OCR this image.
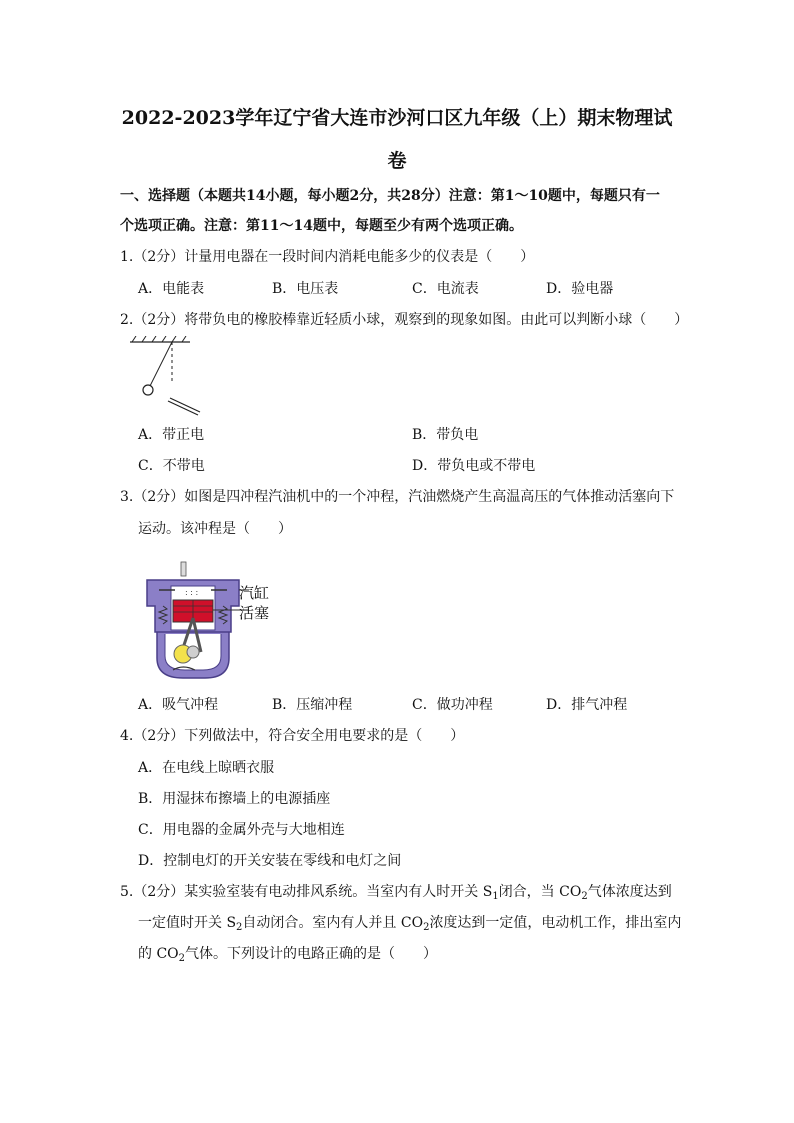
2022-2023学年辽宁省大连市沙河口区九年级（上）期末物理试
卷
一、选择题（本题共14小题，每小题2分，共28分）注意：第1～10题中，每题只有一
个选项正确。注意：第11～14题中，每题至少有两个选项正确。
1.（2分）计量用电器在一段时间内消耗电能多少的仪表是（　　）
A．电能表	B．电压表	C．电流表	D．验电器
2.（2分）将带负电的橡胶棒靠近轻质小球，观察到的现象如图。由此可以判断小球（　　）
A．带正电	B．带负电
C．不带电	D．带负电或不带电
3.（2分）如图是四冲程汽油机中的一个冲程，汽油燃烧产生高温高压的气体推动活塞向下
运动。该冲程是（　　）
: : :	汽缸
活塞
A．吸气冲程	B．压缩冲程	C．做功冲程	D．排气冲程
4.（2分）下列做法中，符合安全用电要求的是（　　）
A．在电线上晾晒衣服
B．用湿抹布擦墙上的电源插座
C．用电器的金属外壳与大地相连
D．控制电灯的开关安装在零线和电灯之间
5.（2分）某实验室装有电动排风系统。当室内有人时开关 $S_1$闭合，当 $CO_2$气体浓度达到
一定值时开关 $S_2$自动闭合。室内有人并且 $CO_2$浓度达到一定值，电动机工作，排出室内
的 $CO_2$气体。下列设计的电路正确的是（　　）
